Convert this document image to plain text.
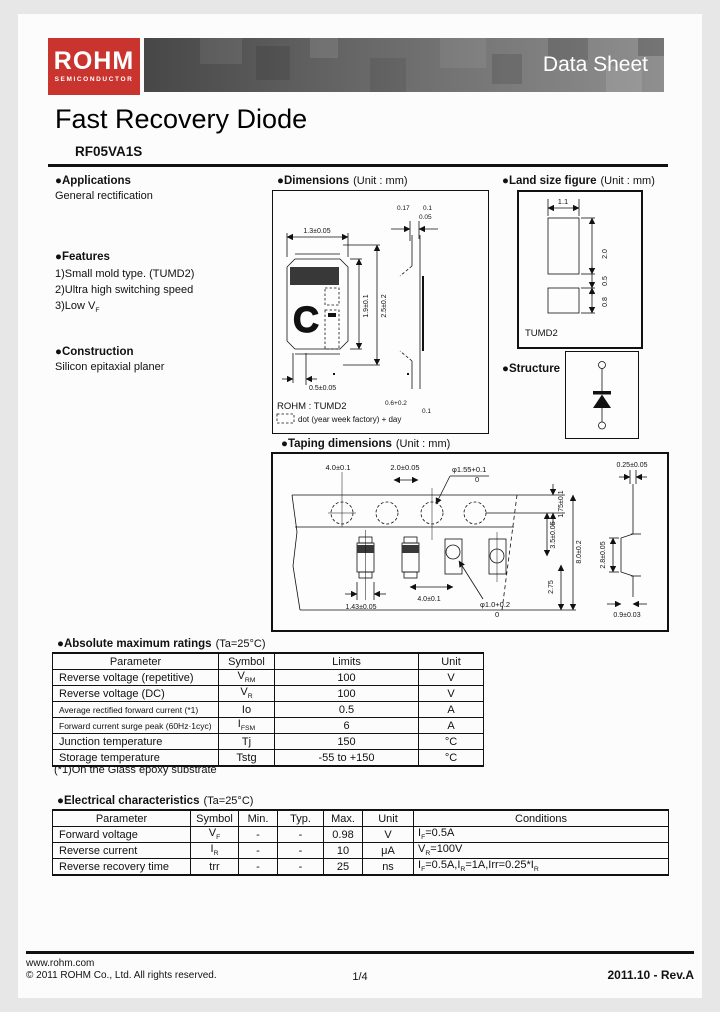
ROHM
SEMICONDUCTOR
Data Sheet
Fast Recovery Diode
RF05VA1S
●Applications
General rectification
●Features
1)Small mold type. (TUMD2)
2)Ultra high switching speed
3)Low $V_F$
●Construction
Silicon epitaxial planer
●Dimensions (Unit : mm)
1.3±0.05
C	1.9±0.1 2.5±0.2
0.5±0.05
0.17 0.1
0.05
0.6+0.2
0.1
ROHM : TUMD2
dot (year week factory) + day
●Land size figure (Unit : mm)
1.1
2.0
0.5
0.8
TUMD2
●Structure
●Taping dimensions (Unit : mm)
4.0±0.1	2.0±0.05	φ1.55+0.1
0
1.75±0.1
3.5±0.05
8.0±0.2
2.75
1.43±0.05
4.0±0.1
φ1.0+0.2
0
0.25±0.05
2.8±0.05
0.9±0.03
●Absolute maximum ratings (Ta=25°C)
Parameter	Symbol	Limits	Unit
Reverse voltage (repetitive)	$V_{RM}$	100	V
Reverse voltage (DC)	$V_R$	100	V
Average rectified forward current (*1)	Io	0.5	A
Forward current surge peak (60Hz·1cyc)	$I_{FSM}$	6	A
Junction temperature	Tj	150	°C
Storage temperature	Tstg	-55 to +150	°C
(*1)On the Glass epoxy substrate
●Electrical characteristics (Ta=25°C)
Parameter	Symbol	Min.	Typ.	Max.	Unit	Conditions
Forward voltage	$V_F$	-	-	0.98	V	$I_F=0.5A$
Reverse current	$I_R$	-	-	10	μA	$V_R=100V$
Reverse recovery time	trr	-	-	25	ns	$I_F=0.5A,I_R=1A,Irr=0.25*I_R$
www.rohm.com
© 2011 ROHM Co., Ltd. All rights reserved.	1/4	2011.10 - Rev.A
